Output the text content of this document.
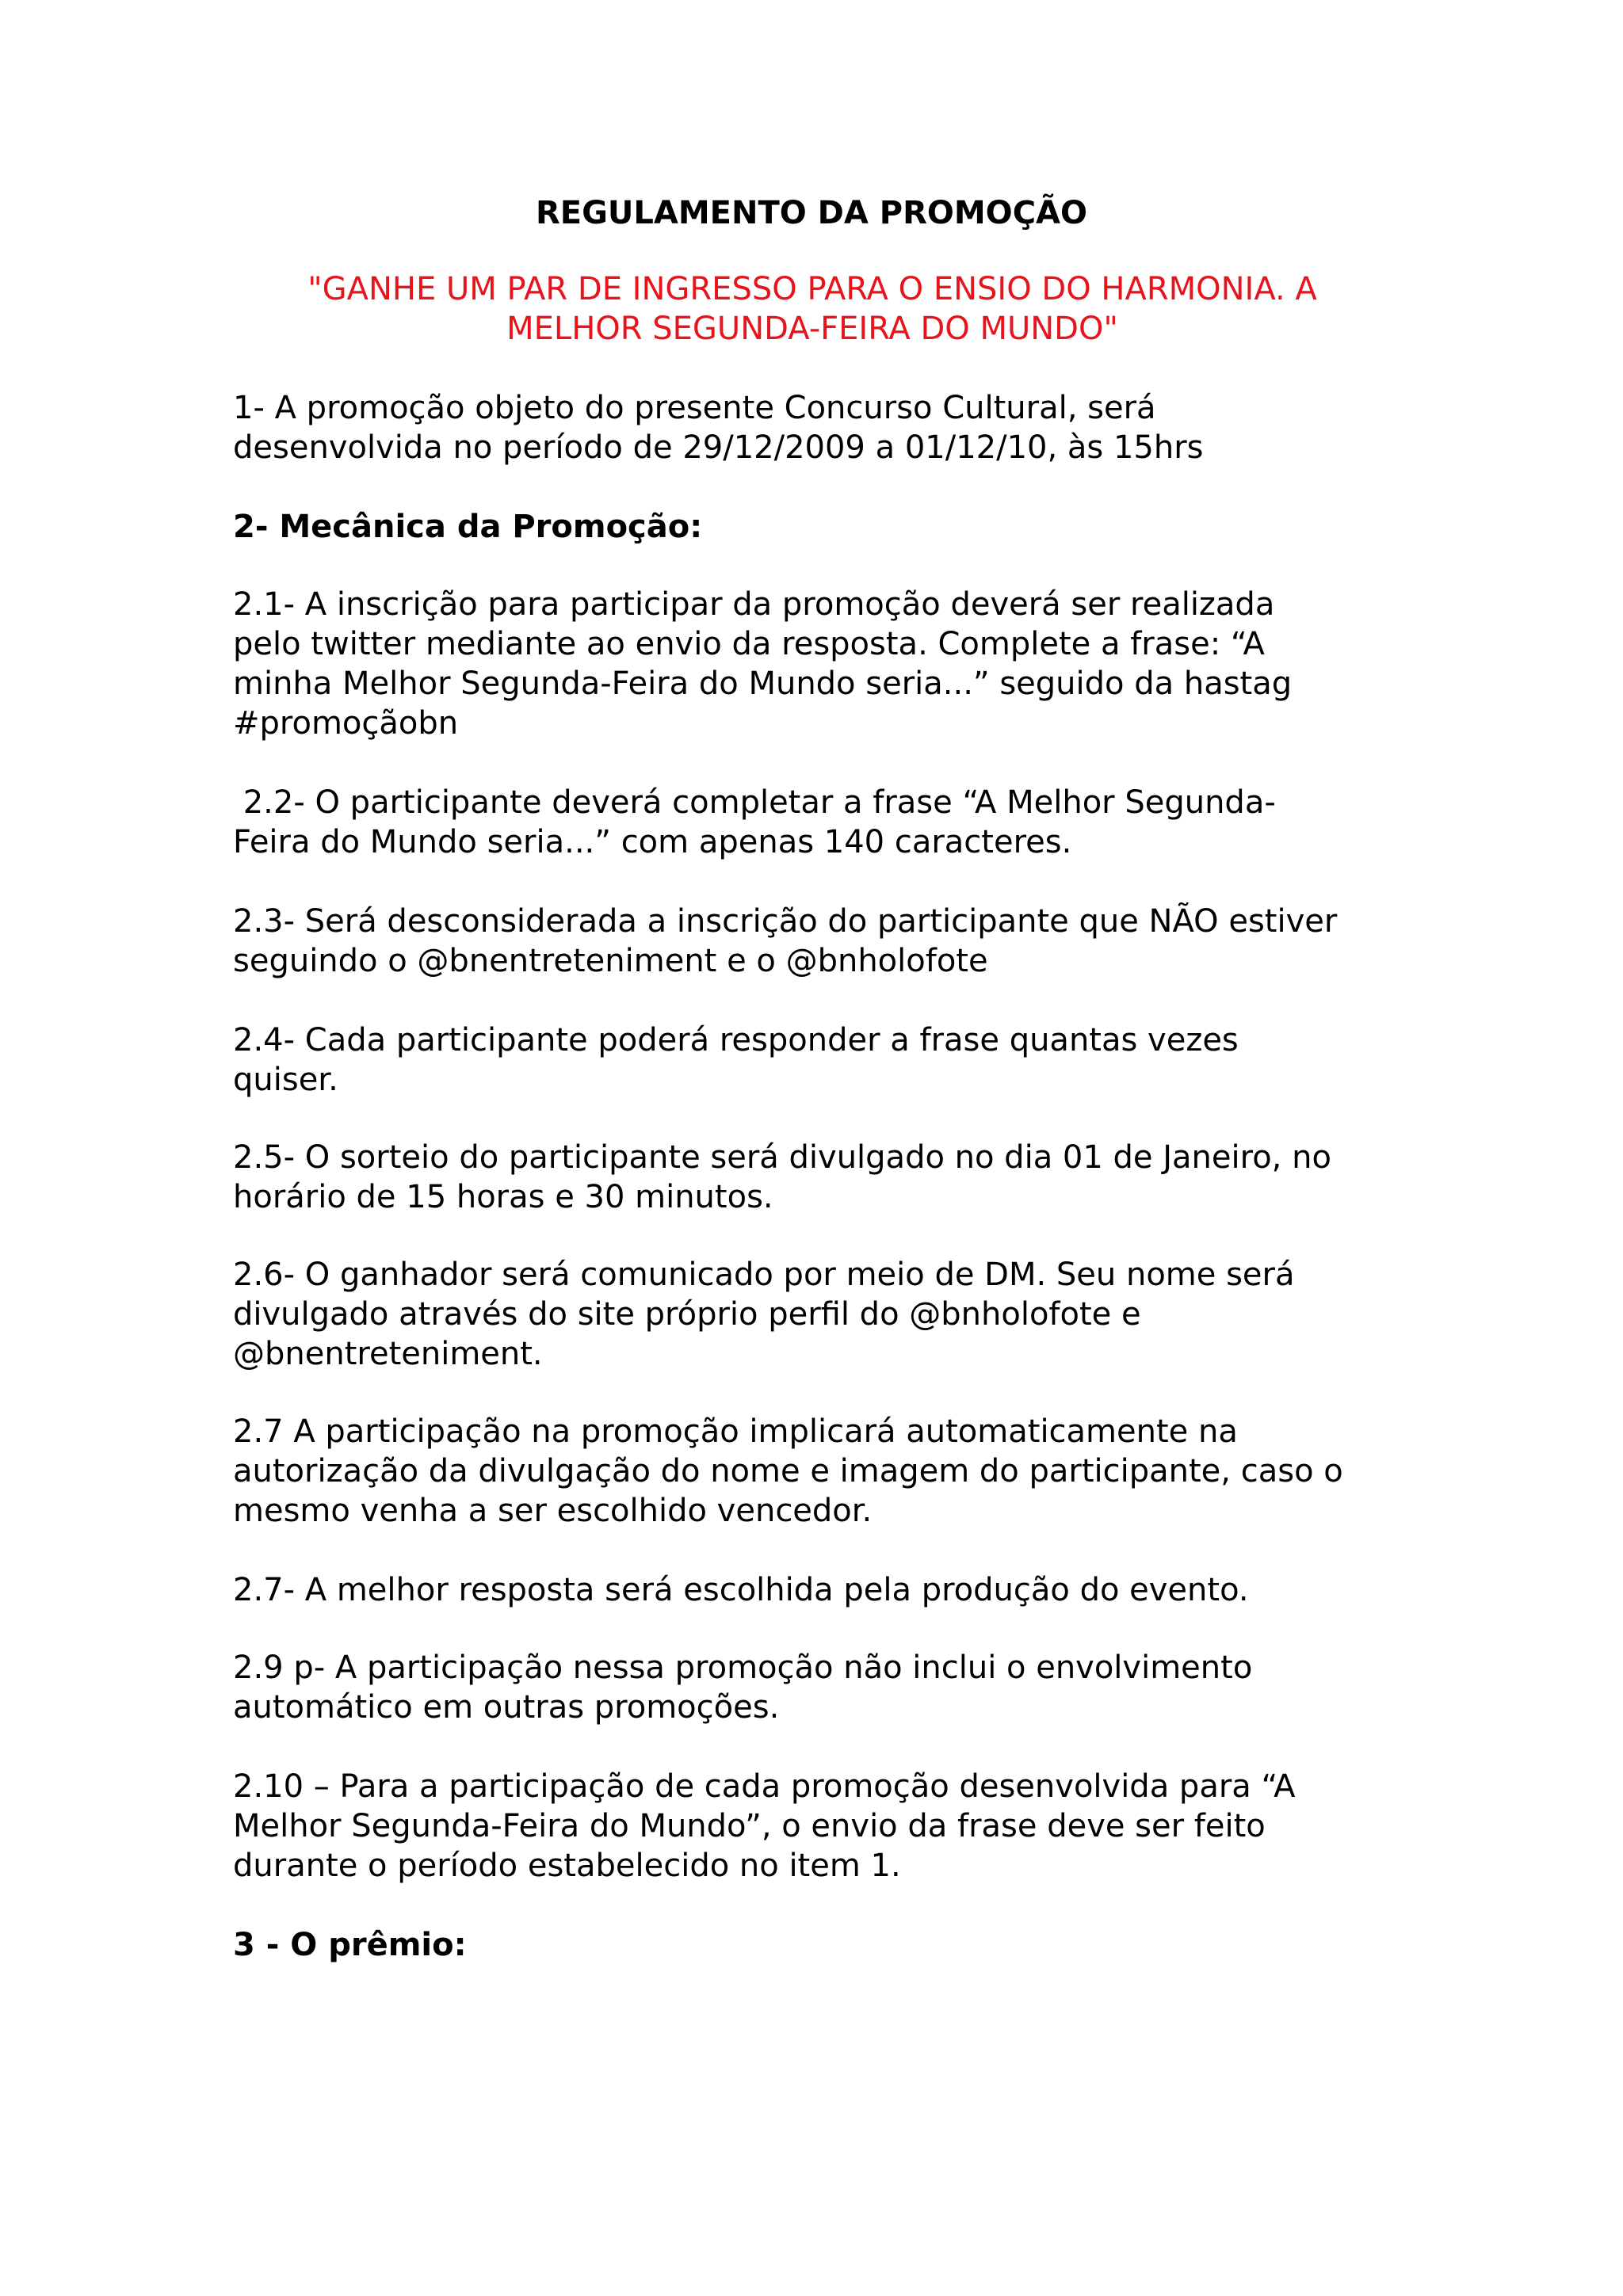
REGULAMENTO DA PROMOÇÃO

"GANHE UM PAR DE INGRESSO PARA O ENSIO DO HARMONIA. A
MELHOR SEGUNDA-FEIRA DO MUNDO"

1- A promoção objeto do presente Concurso Cultural, será
desenvolvida no período de 29/12/2009 a 01/12/10, às 15hrs

2- Mecânica da Promoção:

2.1- A inscrição para participar da promoção deverá ser realizada
pelo twitter mediante ao envio da resposta. Complete a frase: “A
minha Melhor Segunda-Feira do Mundo seria...” seguido da hastag
#promoçãobn

2.2- O participante deverá completar a frase “A Melhor Segunda-
Feira do Mundo seria...” com apenas 140 caracteres.

2.3- Será desconsiderada a inscrição do participante que NÃO estiver
seguindo o @bnentreteniment e o @bnholofote

2.4- Cada participante poderá responder a frase quantas vezes
quiser.

2.5- O sorteio do participante será divulgado no dia 01 de Janeiro, no
horário de 15 horas e 30 minutos.

2.6- O ganhador será comunicado por meio de DM. Seu nome será
divulgado através do site próprio perfil do @bnholofote e
@bnentreteniment.

2.7 A participação na promoção implicará automaticamente na
autorização da divulgação do nome e imagem do participante, caso o
mesmo venha a ser escolhido vencedor.

2.7- A melhor resposta será escolhida pela produção do evento.

2.9 p- A participação nessa promoção não inclui o envolvimento
automático em outras promoções.

2.10 – Para a participação de cada promoção desenvolvida para “A
Melhor Segunda-Feira do Mundo”, o envio da frase deve ser feito
durante o período estabelecido no item 1.

3 - O prêmio:
